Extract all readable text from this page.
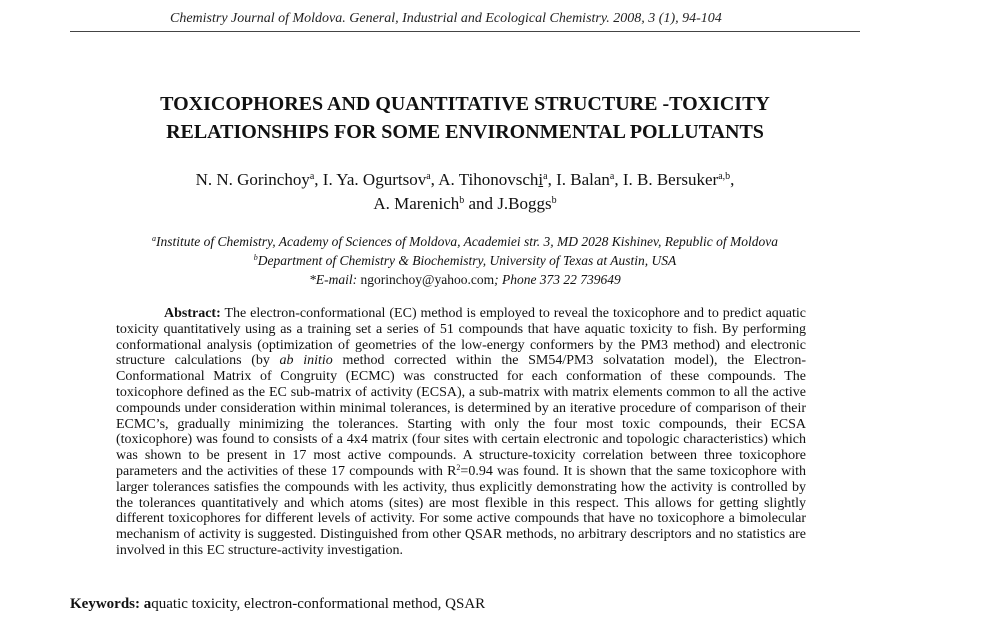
Chemistry Journal of Moldova. General, Industrial and Ecological Chemistry. 2008, 3 (1), 94-104
TOXICOPHORES AND QUANTITATIVE STRUCTURE -TOXICITY
RELATIONSHIPS FOR SOME ENVIRONMENTAL POLLUTANTS
N. N. Gorinchoy$^a$, I. Ya. Ogurtsov$^a$, A. Tihonovschi$^a$, I. Balan$^a$, I. B. Bersuker$^{a,b}$,
A. Marenich$^b$ and J.Boggs$^b$
$^a$Institute of Chemistry, Academy of Sciences of Moldova, Academiei str. 3, MD 2028 Kishinev, Republic of Moldova
$^b$Department of Chemistry & Biochemistry, University of Texas at Austin, USA
*E-mail: ngorinchoy@yahoo.com; Phone 373 22 739649
Abstract: The electron-conformational (EC) method is employed to reveal the toxicophore and to predict aquatic toxicity quantitatively using as a training set a series of 51 compounds that have aquatic toxicity to fish. By performing conformational analysis (optimization of geometries of the low-energy conformers by the PM3 method) and electronic structure calculations (by ab initio method corrected within the SM54/PM3 solvatation model), the Electron-Conformational Matrix of Congruity (ECMC) was constructed for each conformation of these compounds. The toxicophore defined as the EC sub-matrix of activity (ECSA), a sub-matrix with matrix elements common to all the active compounds under consideration within minimal tolerances, is determined by an iterative procedure of comparison of their ECMC’s, gradually minimizing the tolerances. Starting with only the four most toxic compounds, their ECSA (toxicophore) was found to consists of a 4x4 matrix (four sites with certain electronic and topologic characteristics) which was shown to be present in 17 most active compounds. A structure-toxicity correlation between three toxicophore parameters and the activities of these 17 compounds with $R^2=0.94$ was found. It is shown that the same toxicophore with larger tolerances satisfies the compounds with les activity, thus explicitly demonstrating how the activity is controlled by the tolerances quantitatively and which atoms (sites) are most flexible in this respect. This allows for getting slightly different toxicophores for different levels of activity. For some active compounds that have no toxicophore a bimolecular mechanism of activity is suggested. Distinguished from other QSAR methods, no arbitrary descriptors and no statistics are involved in this EC structure-activity investigation.
Keywords: aquatic toxicity, electron-conformational method, QSAR
